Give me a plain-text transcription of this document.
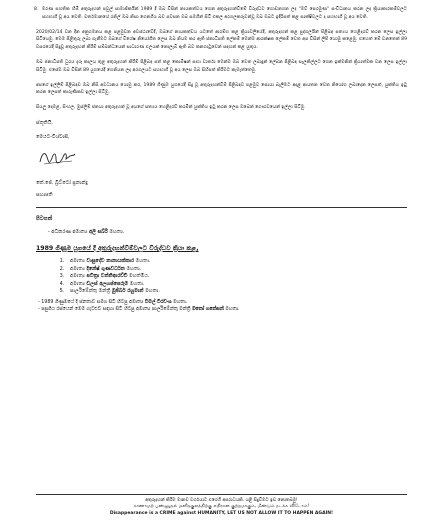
8. මරණ සහතික හිමි අතුරුදහන් පවුල් සාමාජිකයින් 1989 දී ඔබ විසින් නායකත්වය ගෙන අතුරුදහන්වීමේ විරුද්ධව ගොඩනගන ලද "මව් පෙරමුණ" සංවිධානය කරන ලද ක්‍රියාකාරකම්වලට සහභාගී වූ අය වෙති. වර්තමානයේ රනිල් ඔබ නිසා ගෙනගිය බව පවසන ඔබ සමගින් සිටි එකල අරගලකරුවන්වූ ඔබ ඔබට ඉදිරිපත් කළ සාක්ෂිවලට ද සහභාගී වූ අය වෙති.

2020/02/14 වන දින අනුගමනය කළ පළමුවන අවස්ථාවේදී, ඔබගේ නායකත්වය යටතේ ආරම්භ කළ ක්‍රියාවලියේදී, අතුරුදහන් කළ පුද්ගලයින් පිළිබඳ සත්‍යය හෙළිදරව් කරන ලෙස ඉල්ලා සිටියෙමු. මෙම පිළිතුරු ලබා ගැනීමට ඔබගේ විශේෂ නියෝගිත ලෙස ඔබ නියම කර ඇති ජනාධිපති ලේකම් මෙන්ම ආරක්ෂක ලේකම් වෙත අප විසින් ලිපි යොමු කළෙමු. එහෙත් මේ වනතෙක් 89 වසරයේදී සිදුවූ අතුරුදහන් කිරීම් සම්බන්ධයෙන් සාධාරණ ඵලයක් නොලැබී ඇති බව කනගාටුවෙන් සඳහන් කළ යුතුය.

ඔබ ජනාධිපති ධුරය දැරූ කාලය තුළ අතුරුදහන් කිරීම් පිළිබඳ පත් කළ කොමිෂන් සභා වාර්තා මෙන්ම ඔබ වෙත ලබාදුන් ලේඛන පිළිබඳ සැලකිල්ලට ගෙන ඉක්මනින් ක්‍රියාත්මක වන ලෙස ඉල්ලා සිටිමු. එසේම ඔබ විසින් 89 යුගයේදී ගෙනියන ලද අරගලයට සහභාගී වූ අය ලෙස ඔබ සිහිපත් කිරීමට කැමැත්තෙමු.

අපගේ ඉල්ලීම් පිළිබඳව ඔබ නිසි අවධානය යොමු කර, 1989 ගිණුම යුගයේදී සිදු වූ අතුරුදහන්වීම් පිළිබඳව පළමුව සොයා බැලීමට අදාළ ආයතන වෙත නියෝග ලබාදෙන ලෙසත්, යුක්තිය ඉටු කරන ලෙසත් කාරුණිකව ඉල්ලා සිටිමු.

සියලු දෙමළ, සිංහල, මුස්ලිම් ජනයා අතුරුදහන් වූ අයගේ සත්‍යය හෙළිදරව් කරමින් යුක්තිය ඉටු කරන ලෙස ඔබෙන් ගෞරවයෙන් ඉල්ලා සිටිමු.

ස්තූතියි,

මෙයට-විශ්වාසී,

කේ.ජේ. බ්‍රිට්ටෝ ප්‍රනාන්දු

සභාපති

පිටපත්

- අධිකරණ අමාත්‍ය අලි සබ්රි මහතා.

1989 ගිණුම යුගයේ දී අතුරුදහන්වීම්වලට විරුද්ධව ක්‍රියා කළ,

1. අමාත්‍ය වාසුදේව නානායක්කාර මහතා.
2. අමාත්‍ය දිනේෂ් ගුණවර්ධන මහතා.
3. අමාත්‍ය පවිත්‍රා වන්නිආරච්චි මහත්මිය.
4. අමාත්‍ය ඩලස් අලහප්පෙරුම මහතා.
5. පාර්ලිමේන්තු මන්ත්‍රී මුජිබර් රහුමාන් මහතා.

- 1989 ගිණුමයේ දී ජනතාව සමග සිටි හිටපු අමාත්‍ය විමල් වීරවංශ මහතා.

- පසුගිය රජයෙන් මෙම ගැටළුව සඳහා සිටි හිටපු අමාත්‍ය පාර්ලිමේන්තු මන්ත්‍රී මනෝ ගනේසන් මහතා.

අතුරුදහන් කිරීම මානව වර්ගයාට එරෙහි අපරාධයකි. යළි සිදුවීමට ඉඩ නොතබමු!
காணாமற் பண்ணுதல் மனிதகுலத்திற்கு எதிரான குற்றமாகும், மீண்டும் நடக்க விடோம்!
Disappearance is a CRIME against HUMANITY, LET US NOT ALLOW IT TO HAPPEN AGAIN!
